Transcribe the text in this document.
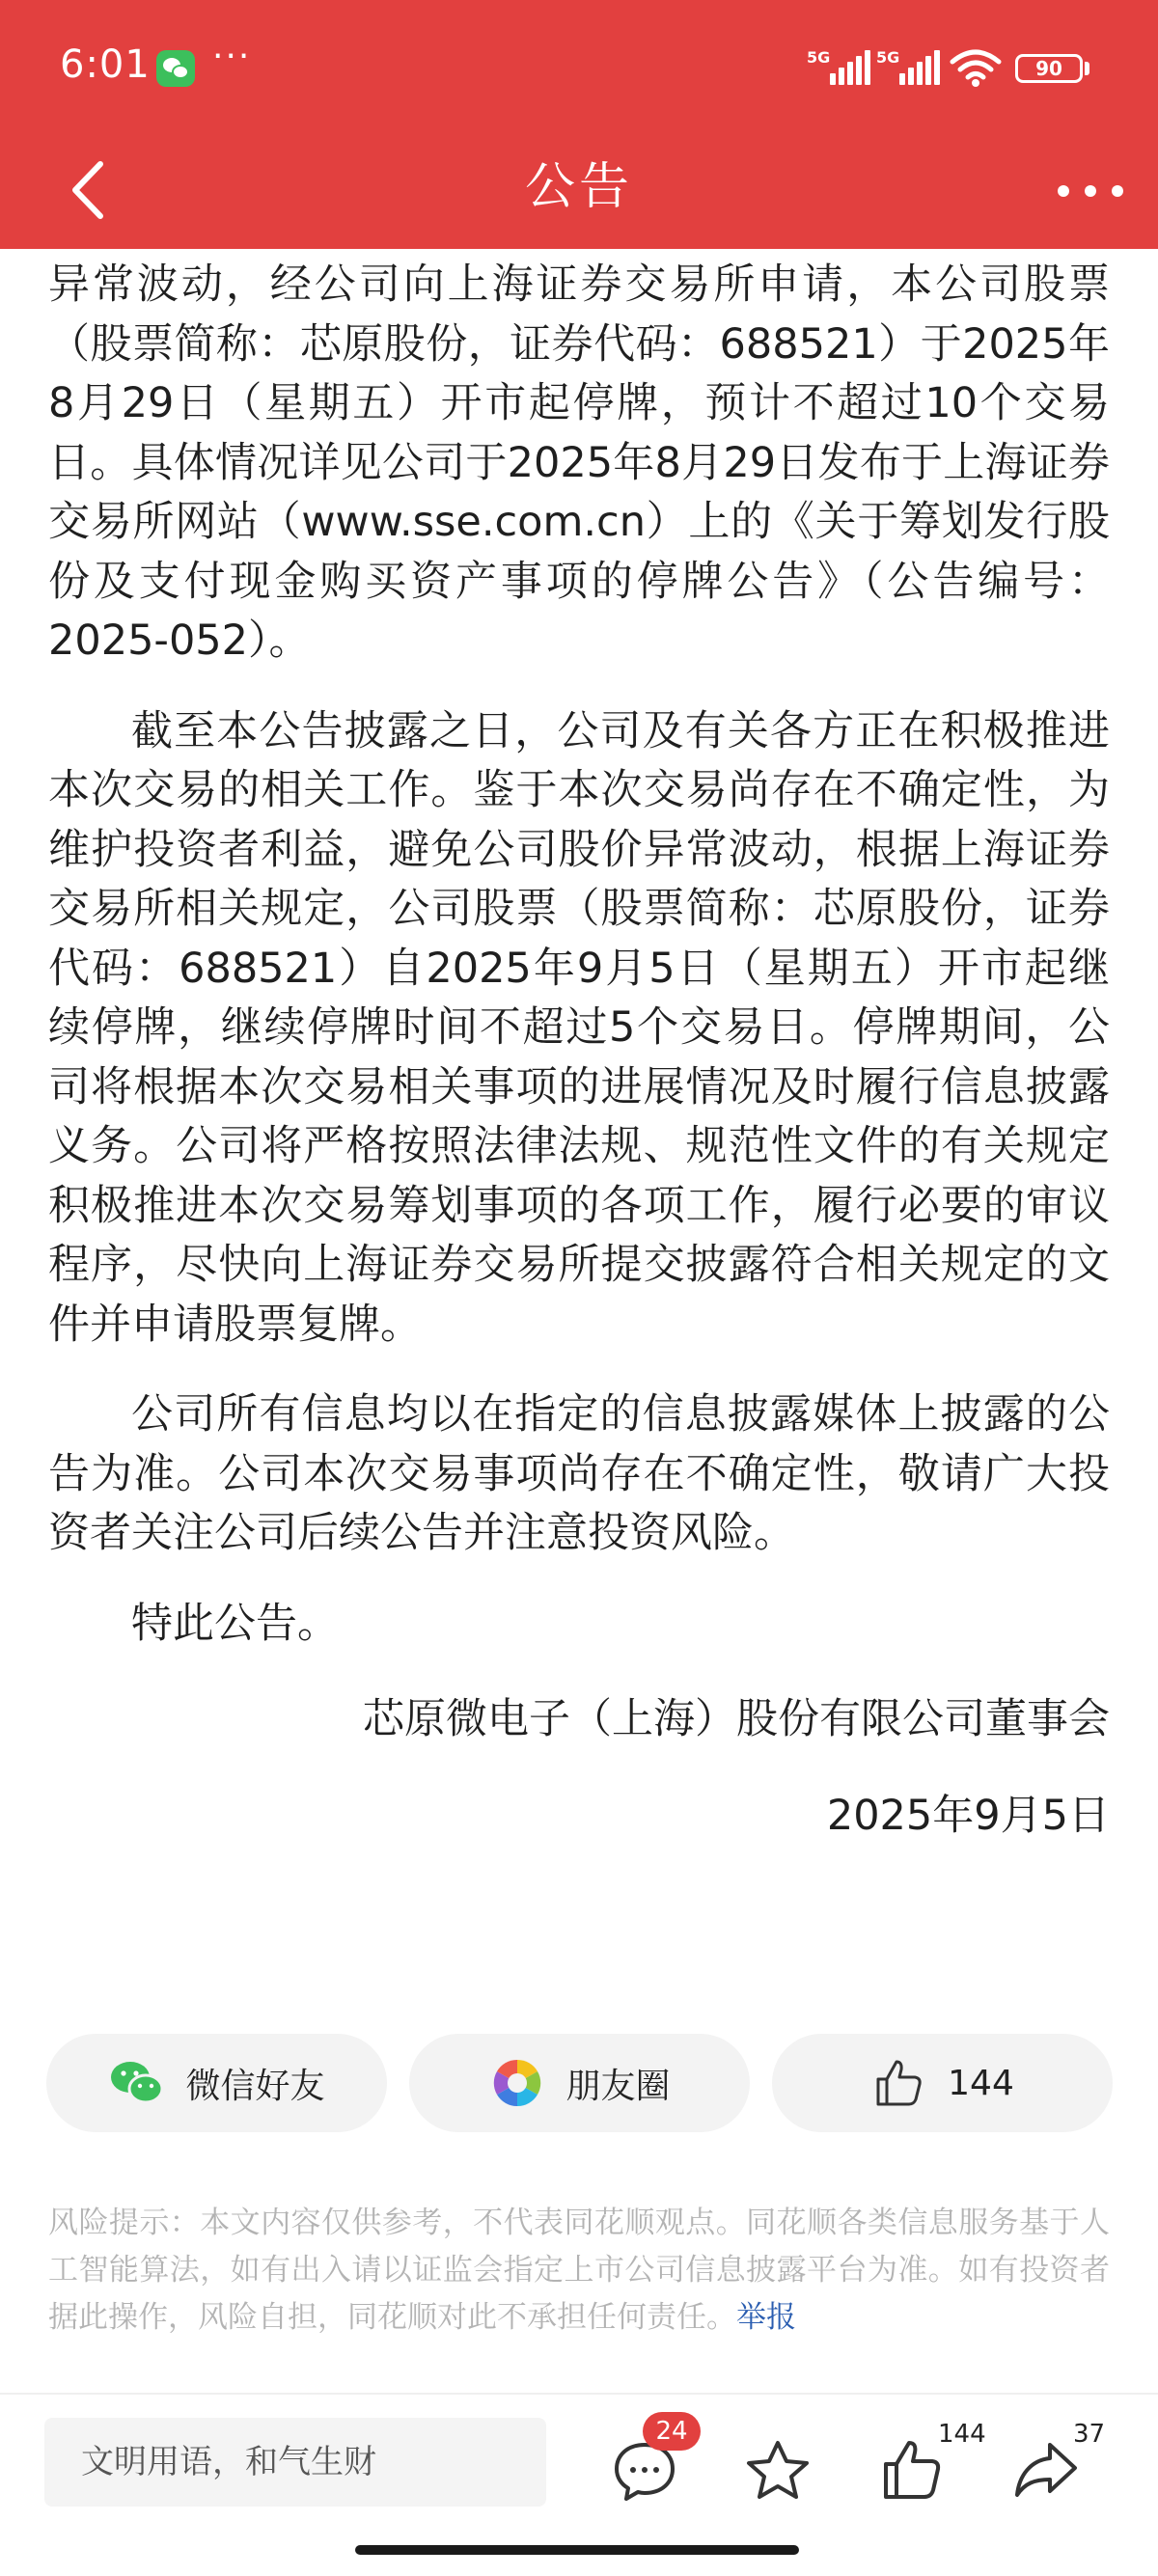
6:01 ···	5G	5G	90
公告

异常波动，经公司向上海证券交易所申请，本公司股票（股票简称：芯原股份，证券代码：688521）于2025年8月29日（星期五）开市起停牌，预计不超过10个交易日。具体情况详见公司于2025年8月29日发布于上海证券交易所网站（www.sse.com.cn）上的《关于筹划发行股份及支付现金购买资产事项的停牌公告》（公告编号：2025-052）。

截至本公告披露之日，公司及有关各方正在积极推进本次交易的相关工作。鉴于本次交易尚存在不确定性，为维护投资者利益，避免公司股价异常波动，根据上海证券交易所相关规定，公司股票（股票简称：芯原股份，证券代码：688521）自2025年9月5日（星期五）开市起继续停牌，继续停牌时间不超过5个交易日。停牌期间，公司将根据本次交易相关事项的进展情况及时履行信息披露义务。公司将严格按照法律法规、规范性文件的有关规定积极推进本次交易筹划事项的各项工作，履行必要的审议程序，尽快向上海证券交易所提交披露符合相关规定的文件并申请股票复牌。

公司所有信息均以在指定的信息披露媒体上披露的公告为准。公司本次交易事项尚存在不确定性，敬请广大投资者关注公司后续公告并注意投资风险。

特此公告。
芯原微电子（上海）股份有限公司董事会
2025年9月5日
微信好友	朋友圈	144
风险提示：本文内容仅供参考，不代表同花顺观点。同花顺各类信息服务基于人工智能算法，如有出入请以证监会指定上市公司信息披露平台为准。如有投资者据此操作，风险自担，同花顺对此不承担任何责任。举报
文明用语，和气生财
24	144	37
